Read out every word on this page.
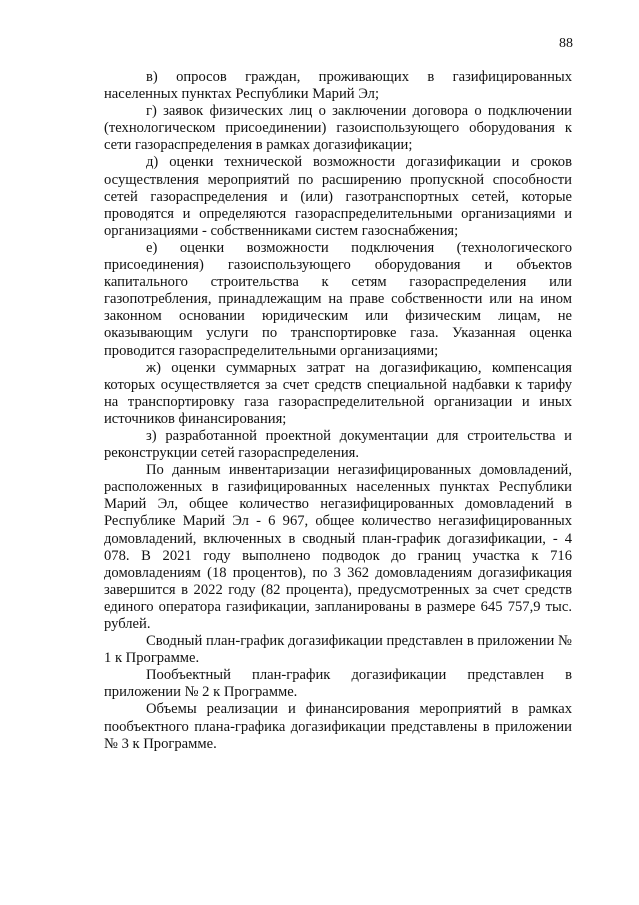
88

в) опросов граждан, проживающих в газифицированных населенных пунктах Республики Марий Эл;

г) заявок физических лиц о заключении договора о подключении (технологическом присоединении) газоиспользующего оборудования к сети газораспределения в рамках догазификации;

д) оценки технической возможности догазификации и сроков осуществления мероприятий по расширению пропускной способности сетей газораспределения и (или) газотранспортных сетей, которые проводятся и определяются газораспределительными организациями и организациями - собственниками систем газоснабжения;

е) оценки возможности подключения (технологического присоединения) газоиспользующего оборудования и объектов капитального строительства к сетям газораспределения или газопотребления, принадлежащим на праве собственности или на ином законном основании юридическим или физическим лицам, не оказывающим услуги по транспортировке газа. Указанная оценка проводится газораспределительными организациями;

ж) оценки суммарных затрат на догазификацию, компенсация которых осуществляется за счет средств специальной надбавки к тарифу на транспортировку газа газораспределительной организации и иных источников финансирования;

з) разработанной проектной документации для строительства и реконструкции сетей газораспределения.

По данным инвентаризации негазифицированных домовладений, расположенных в газифицированных населенных пунктах Республики Марий Эл, общее количество негазифицированных домовладений в Республике Марий Эл - 6 967, общее количество негазифицированных домовладений, включенных в сводный план-график догазификации, - 4 078. В 2021 году выполнено подводок до границ участка к 716 домовладениям (18 процентов), по 3 362 домовладениям догазификация завершится в 2022 году (82 процента), предусмотренных за счет средств единого оператора газификации, запланированы в размере 645 757,9 тыс. рублей.

Сводный план-график догазификации представлен в приложении № 1 к Программе.

Пообъектный план-график догазификации представлен в приложении № 2 к Программе.

Объемы реализации и финансирования мероприятий в рамках пообъектного плана-графика догазификации представлены в приложении № 3 к Программе.
